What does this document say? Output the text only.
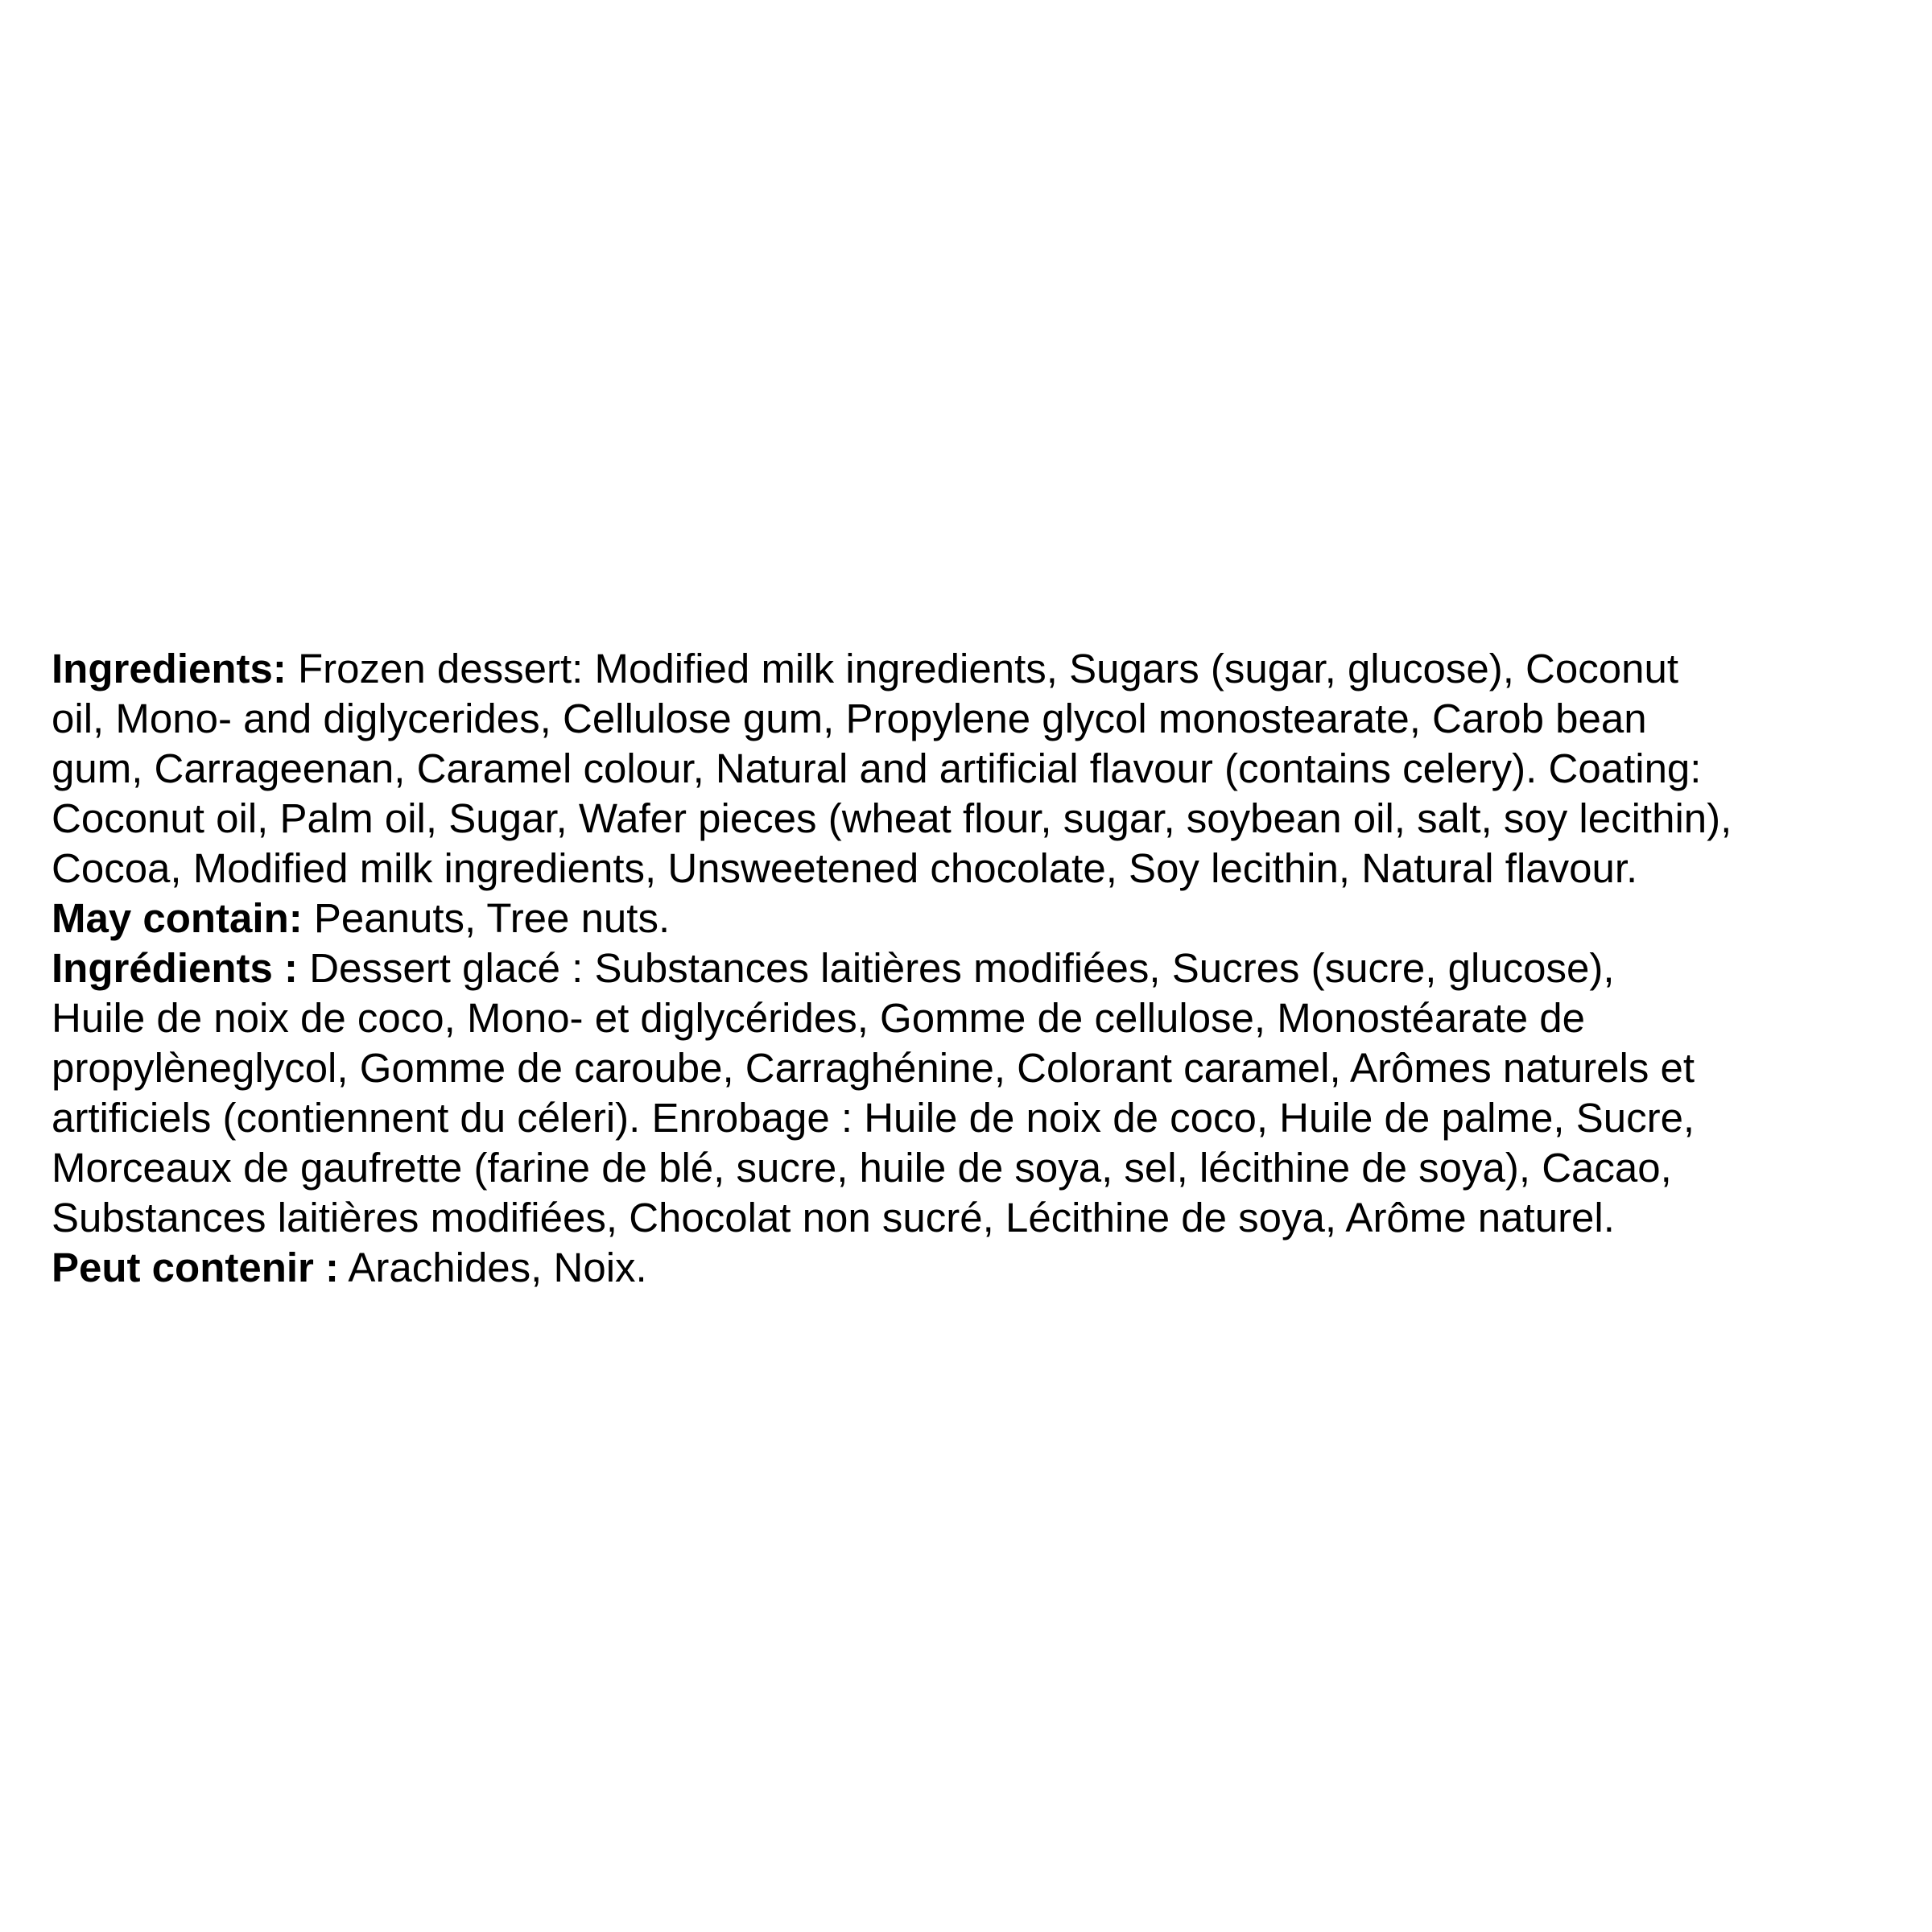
Ingredients: Frozen dessert: Modified milk ingredients, Sugars (sugar, glucose), Coconut

oil, Mono- and diglycerides, Cellulose gum, Propylene glycol monostearate, Carob bean

gum, Carrageenan, Caramel colour, Natural and artificial flavour (contains celery). Coating:

Coconut oil, Palm oil, Sugar, Wafer pieces (wheat flour, sugar, soybean oil, salt, soy lecithin),

Cocoa, Modified milk ingredients, Unsweetened chocolate, Soy lecithin, Natural flavour.

May contain: Peanuts, Tree nuts.

Ingrédients : Dessert glacé : Substances laitières modifiées, Sucres (sucre, glucose),

Huile de noix de coco, Mono- et diglycérides, Gomme de cellulose, Monostéarate de

propylèneglycol, Gomme de caroube, Carraghénine, Colorant caramel, Arômes naturels et

artificiels (contiennent du céleri). Enrobage : Huile de noix de coco, Huile de palme, Sucre,

Morceaux de gaufrette (farine de blé, sucre, huile de soya, sel, lécithine de soya), Cacao,

Substances laitières modifiées, Chocolat non sucré, Lécithine de soya, Arôme naturel.

Peut contenir : Arachides, Noix.
